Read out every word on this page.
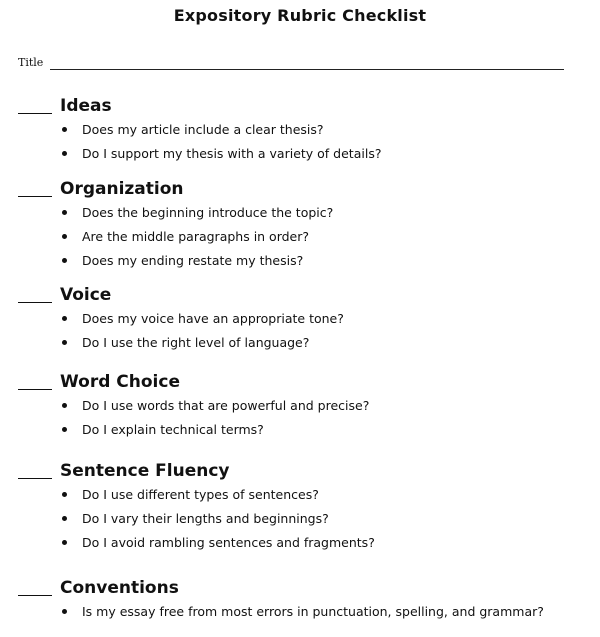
Expository Rubric Checklist
Title
Ideas
Does my article include a clear thesis?
Do I support my thesis with a variety of details?
Organization
Does the beginning introduce the topic?
Are the middle paragraphs in order?
Does my ending restate my thesis?
Voice
Does my voice have an appropriate tone?
Do I use the right level of language?
Word Choice
Do I use words that are powerful and precise?
Do I explain technical terms?
Sentence Fluency
Do I use different types of sentences?
Do I vary their lengths and beginnings?
Do I avoid rambling sentences and fragments?
Conventions
Is my essay free from most errors in punctuation, spelling, and grammar?
